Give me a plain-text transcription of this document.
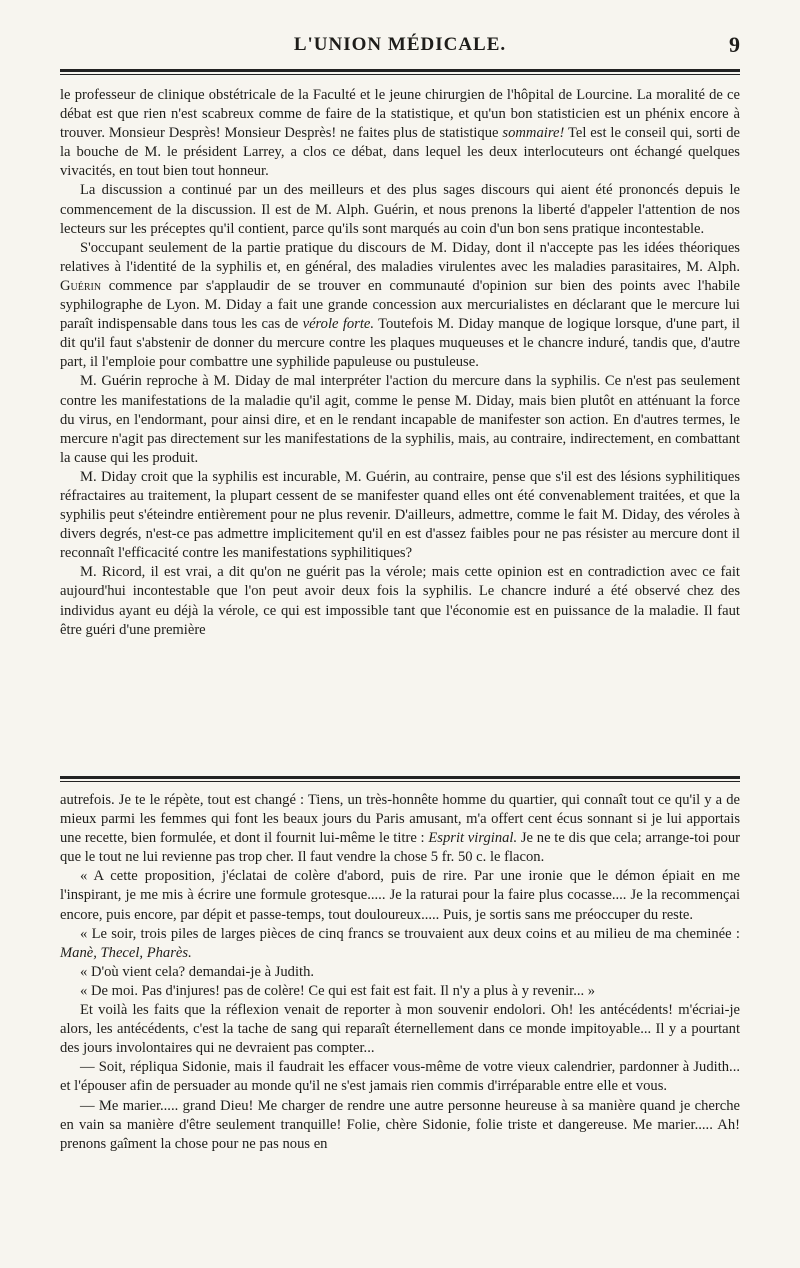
L'UNION MÉDICALE.	9

le professeur de clinique obstétricale de la Faculté et le jeune chirurgien de l'hôpital de Lourcine. La moralité de ce débat est que rien n'est scabreux comme de faire de la statistique, et qu'un bon statisticien est un phénix encore à trouver. Monsieur Desprès! Monsieur Desprès! ne faites plus de statistique sommaire! Tel est le conseil qui, sorti de la bouche de M. le président Larrey, a clos ce débat, dans lequel les deux interlocuteurs ont échangé quelques vivacités, en tout bien tout honneur.

La discussion a continué par un des meilleurs et des plus sages discours qui aient été prononcés depuis le commencement de la discussion. Il est de M. Alph. Guérin, et nous prenons la liberté d'appeler l'attention de nos lecteurs sur les préceptes qu'il contient, parce qu'ils sont marqués au coin d'un bon sens pratique incontestable.

S'occupant seulement de la partie pratique du discours de M. Diday, dont il n'accepte pas les idées théoriques relatives à l'identité de la syphilis et, en général, des maladies virulentes avec les maladies parasitaires, M. Alph. Guérin commence par s'applaudir de se trouver en communauté d'opinion sur bien des points avec l'habile syphilographe de Lyon. M. Diday a fait une grande concession aux mercurialistes en déclarant que le mercure lui paraît indispensable dans tous les cas de vérole forte. Toutefois M. Diday manque de logique lorsque, d'une part, il dit qu'il faut s'abstenir de donner du mercure contre les plaques muqueuses et le chancre induré, tandis que, d'autre part, il l'emploie pour combattre une syphilide papuleuse ou pustuleuse.

M. Guérin reproche à M. Diday de mal interpréter l'action du mercure dans la syphilis. Ce n'est pas seulement contre les manifestations de la maladie qu'il agit, comme le pense M. Diday, mais bien plutôt en atténuant la force du virus, en l'endormant, pour ainsi dire, et en le rendant incapable de manifester son action. En d'autres termes, le mercure n'agit pas directement sur les manifestations de la syphilis, mais, au contraire, indirectement, en combattant la cause qui les produit.

M. Diday croit que la syphilis est incurable, M. Guérin, au contraire, pense que s'il est des lésions syphilitiques réfractaires au traitement, la plupart cessent de se manifester quand elles ont été convenablement traitées, et que la syphilis peut s'éteindre entièrement pour ne plus revenir. D'ailleurs, admettre, comme le fait M. Diday, des véroles à divers degrés, n'est-ce pas admettre implicitement qu'il en est d'assez faibles pour ne pas résister au mercure dont il reconnaît l'efficacité contre les manifestations syphilitiques?

M. Ricord, il est vrai, a dit qu'on ne guérit pas la vérole; mais cette opinion est en contradiction avec ce fait aujourd'hui incontestable que l'on peut avoir deux fois la syphilis. Le chancre induré a été observé chez des individus ayant eu déjà la vérole, ce qui est impossible tant que l'économie est en puissance de la maladie. Il faut être guéri d'une première

autrefois. Je te le répète, tout est changé : Tiens, un très-honnête homme du quartier, qui connaît tout ce qu'il y a de mieux parmi les femmes qui font les beaux jours du Paris amusant, m'a offert cent écus sonnant si je lui apportais une recette, bien formulée, et dont il fournit lui-même le titre : Esprit virginal. Je ne te dis que cela; arrange-toi pour que le tout ne lui revienne pas trop cher. Il faut vendre la chose 5 fr. 50 c. le flacon.

« A cette proposition, j'éclatai de colère d'abord, puis de rire. Par une ironie que le démon épiait en me l'inspirant, je me mis à écrire une formule grotesque..... Je la raturai pour la faire plus cocasse.... Je la recommençai encore, puis encore, par dépit et passe-temps, tout douloureux..... Puis, je sortis sans me préoccuper du reste.

« Le soir, trois piles de larges pièces de cinq francs se trouvaient aux deux coins et au milieu de ma cheminée : Manè, Thecel, Pharès.

« D'où vient cela? demandai-je à Judith.

« De moi. Pas d'injures! pas de colère! Ce qui est fait est fait. Il n'y a plus à y revenir... »

Et voilà les faits que la réflexion venait de reporter à mon souvenir endolori. Oh! les antécédents! m'écriai-je alors, les antécédents, c'est la tache de sang qui reparaît éternellement dans ce monde impitoyable... Il y a pourtant des jours involontaires qui ne devraient pas compter...

— Soit, répliqua Sidonie, mais il faudrait les effacer vous-même de votre vieux calendrier, pardonner à Judith... et l'épouser afin de persuader au monde qu'il ne s'est jamais rien commis d'irréparable entre elle et vous.

— Me marier..... grand Dieu! Me charger de rendre une autre personne heureuse à sa manière quand je cherche en vain sa manière d'être seulement tranquille! Folie, chère Sidonie, folie triste et dangereuse. Me marier..... Ah! prenons gaîment la chose pour ne pas nous en
